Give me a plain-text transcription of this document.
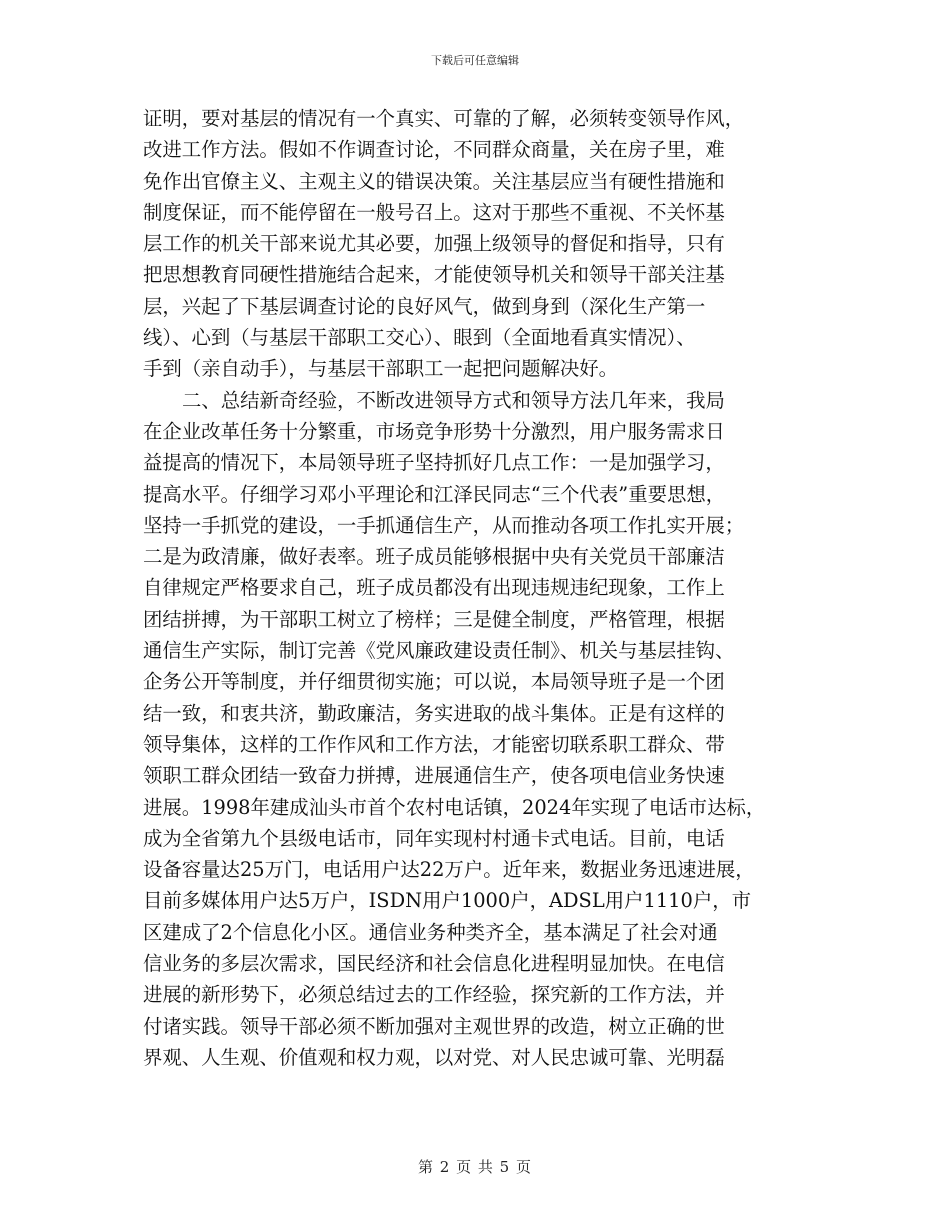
下载后可任意编辑
证明，要对基层的情况有一个真实、可靠的了解，必须转变领导作风，
改进工作方法。假如不作调查讨论，不同群众商量，关在房子里，难
免作出官僚主义、主观主义的错误决策。关注基层应当有硬性措施和
制度保证，而不能停留在一般号召上。这对于那些不重视、不关怀基
层工作的机关干部来说尤其必要，加强上级领导的督促和指导，只有
把思想教育同硬性措施结合起来，才能使领导机关和领导干部关注基
层，兴起了下基层调查讨论的良好风气，做到身到（深化生产第一
线）、心到（与基层干部职工交心）、眼到（全面地看真实情况）、
手到（亲自动手），与基层干部职工一起把问题解决好。
二、总结新奇经验，不断改进领导方式和领导方法几年来，我局
在企业改革任务十分繁重，市场竞争形势十分激烈，用户服务需求日
益提高的情况下，本局领导班子坚持抓好几点工作：一是加强学习，
提高水平。仔细学习邓小平理论和江泽民同志“三个代表”重要思想，
坚持一手抓党的建设，一手抓通信生产，从而推动各项工作扎实开展；
二是为政清廉，做好表率。班子成员能够根据中央有关党员干部廉洁
自律规定严格要求自己，班子成员都没有出现违规违纪现象，工作上
团结拼搏，为干部职工树立了榜样；三是健全制度，严格管理，根据
通信生产实际，制订完善《党风廉政建设责任制》、机关与基层挂钩、
企务公开等制度，并仔细贯彻实施；可以说，本局领导班子是一个团
结一致，和衷共济，勤政廉洁，务实进取的战斗集体。正是有这样的
领导集体，这样的工作作风和工作方法，才能密切联系职工群众、带
领职工群众团结一致奋力拼搏，进展通信生产，使各项电信业务快速
进展。1998年建成汕头市首个农村电话镇，2024年实现了电话市达标，
成为全省第九个县级电话市，同年实现村村通卡式电话。目前，电话
设备容量达25万门，电话用户达22万户。近年来，数据业务迅速进展，
目前多媒体用户达5万户，ISDN用户1000户，ADSL用户1110户，市
区建成了2个信息化小区。通信业务种类齐全，基本满足了社会对通
信业务的多层次需求，国民经济和社会信息化进程明显加快。在电信
进展的新形势下，必须总结过去的工作经验，探究新的工作方法，并
付诸实践。领导干部必须不断加强对主观世界的改造，树立正确的世
界观、人生观、价值观和权力观，以对党、对人民忠诚可靠、光明磊
第 2 页 共 5 页
